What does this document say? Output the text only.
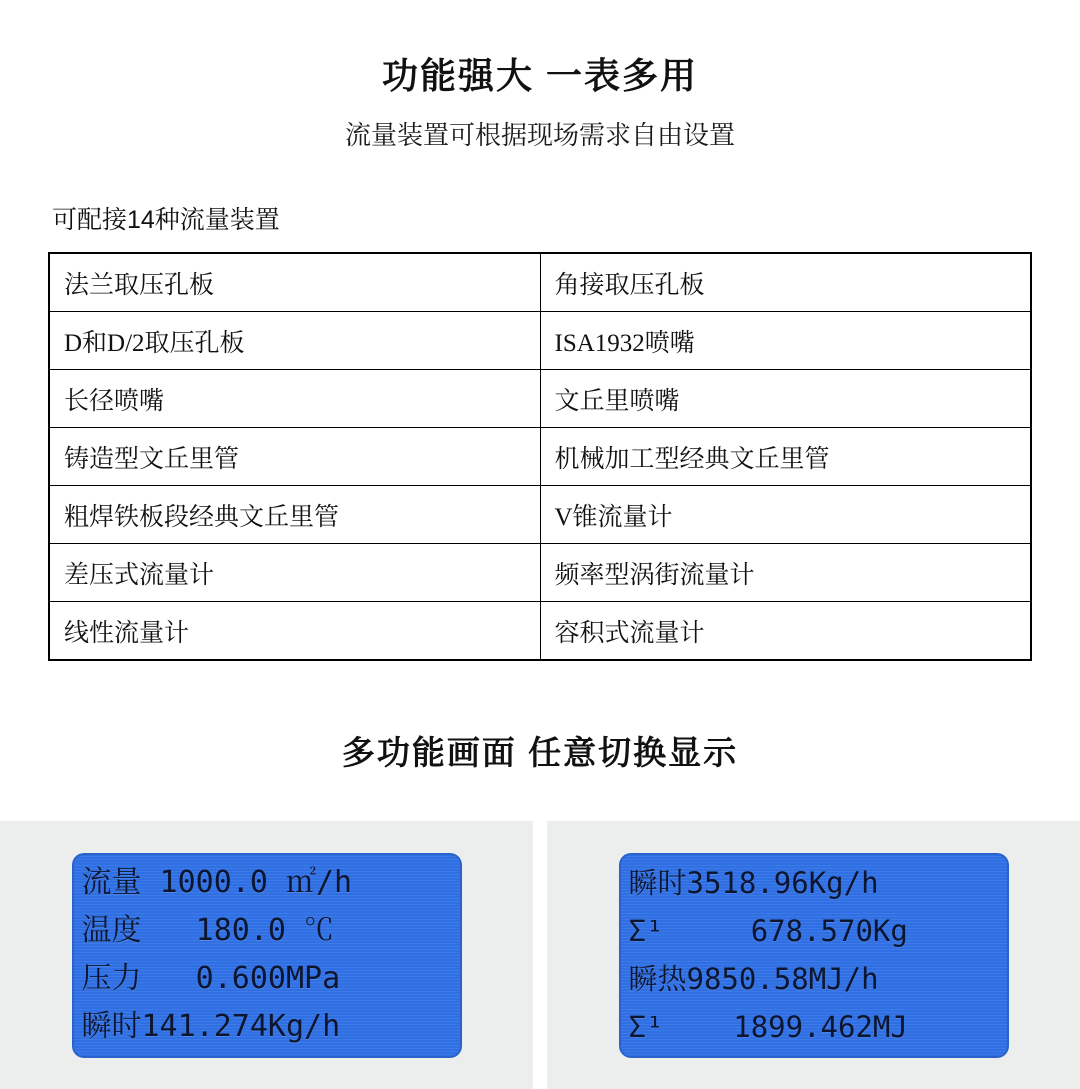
功能强大 一表多用
流量装置可根据现场需求自由设置
可配接14种流量装置
法兰取压孔板	角接取压孔板
D和D/2取压孔板	ISA1932喷嘴
长径喷嘴	文丘里喷嘴
铸造型文丘里管	机械加工型经典文丘里管
粗焊铁板段经典文丘里管	V锥流量计
差压式流量计	频率型涡街流量计
线性流量计	容积式流量计
多功能画面 任意切换显示
流量 1000.0 ㎡/h
温度   180.0 ℃
压力   0.600MPa
瞬时141.274Kg/h
瞬时3518.96Kg/h
Σ¹     678.570Kg
瞬热9850.58MJ/h
Σ¹    1899.462MJ
